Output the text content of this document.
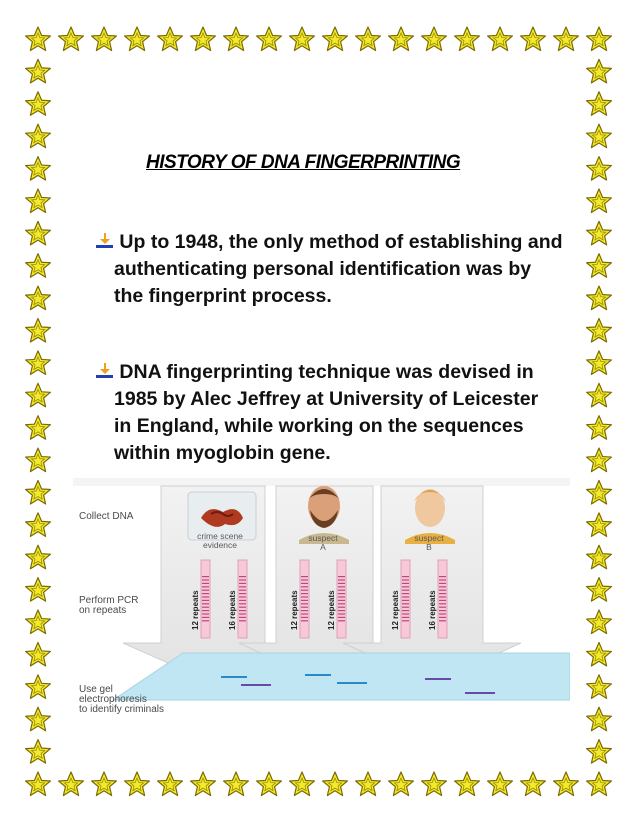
HISTORY OF DNA FINGERPRINTING
Up to 1948, the only method of establishing and
authenticating personal identification was by
the fingerprint process.
DNA fingerprinting technique was devised in
1985 by Alec Jeffrey at University of Leicester
in England, while working on the sequences
within myoglobin gene.
Collect DNA
Perform PCR
on repeats
Use gel
electrophoresis
to identify criminals
crime scene
evidence
suspect
A
suspect
B
12 repeats	16 repeats	12 repeats	12 repeats	12 repeats	16 repeats
